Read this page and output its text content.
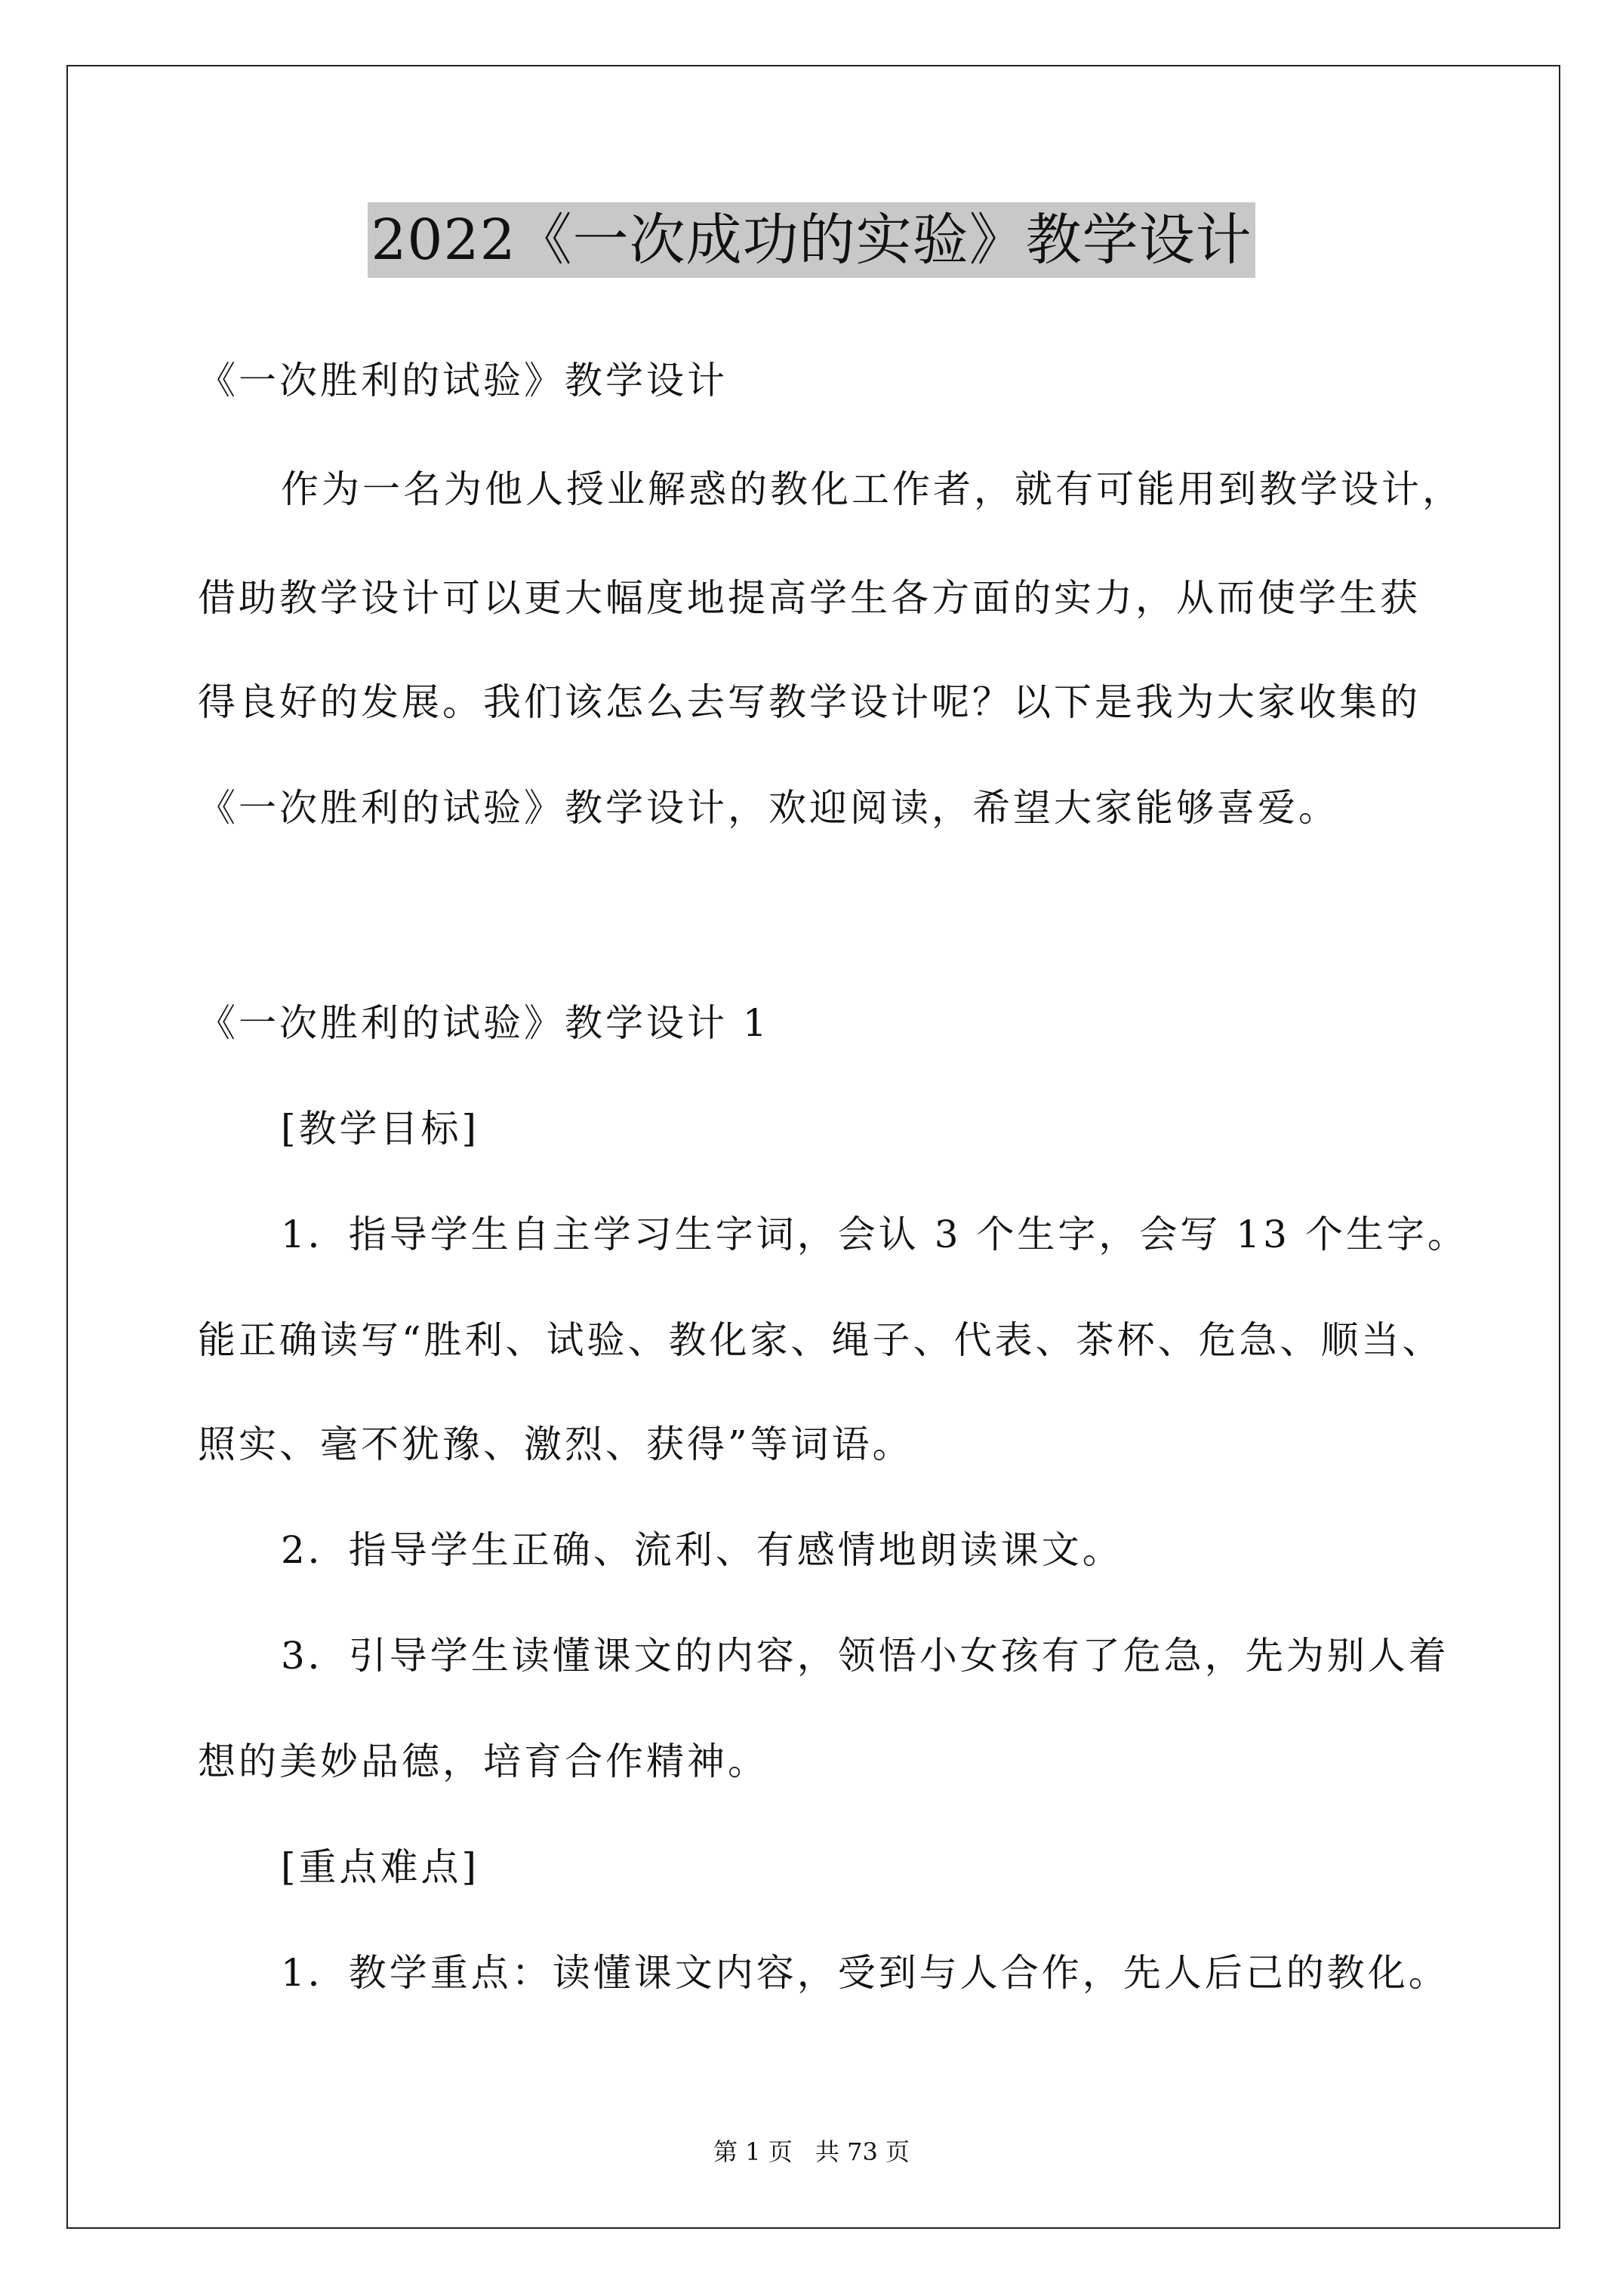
2022《一次成功的实验》教学设计
《一次胜利的试验》教学设计
作为一名为他人授业解惑的教化工作者，就有可能用到教学设计，
借助教学设计可以更大幅度地提高学生各方面的实力，从而使学生获
得良好的发展。我们该怎么去写教学设计呢？以下是我为大家收集的
《一次胜利的试验》教学设计，欢迎阅读，希望大家能够喜爱。
《一次胜利的试验》教学设计 1
[教学目标]
1．指导学生自主学习生字词，会认 3 个生字，会写 13 个生字。
能正确读写“胜利、试验、教化家、绳子、代表、茶杯、危急、顺当、
照实、毫不犹豫、激烈、获得”等词语。
2．指导学生正确、流利、有感情地朗读课文。
3．引导学生读懂课文的内容，领悟小女孩有了危急，先为别人着
想的美妙品德，培育合作精神。
[重点难点]
1．教学重点：读懂课文内容，受到与人合作，先人后己的教化。
第 1 页 共 73 页
